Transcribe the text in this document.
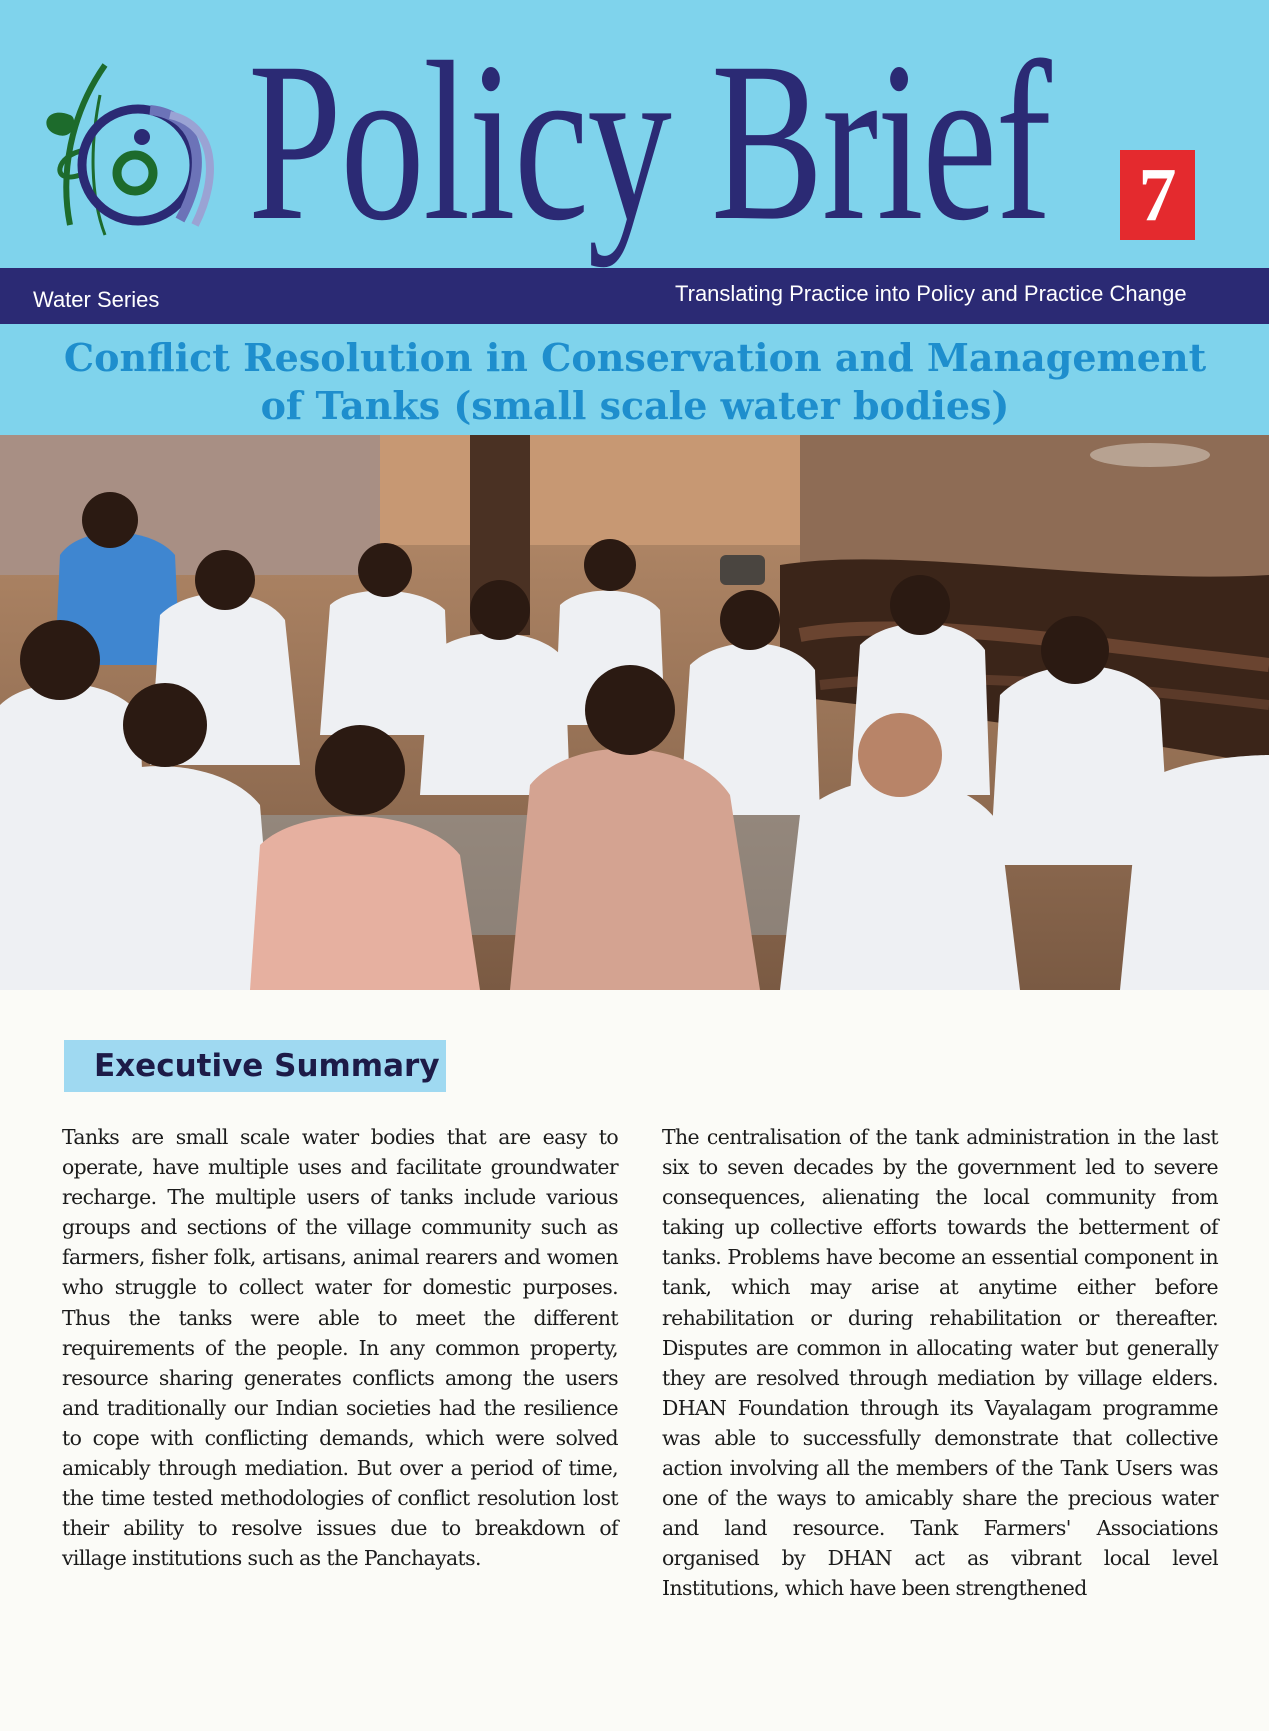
Policy Brief 7
Water Series	Translating Practice into Policy and Practice Change
Conflict Resolution in Conservation and Management of Tanks (small scale water bodies)
Executive Summary
Tanks are small scale water bodies that are easy to operate, have multiple uses and facilitate groundwater recharge. The multiple users of tanks include various groups and sections of the village community such as farmers, fisher folk, artisans, animal rearers and women who struggle to collect water for domestic purposes. Thus the tanks were able to meet the different requirements of the people. In any common property, resource sharing generates conflicts among the users and traditionally our Indian societies had the resilience to cope with conflicting demands, which were solved amicably through mediation. But over a period of time, the time tested methodologies of conflict resolution lost their ability to resolve issues due to breakdown of village institutions such as the Panchayats.
The centralisation of the tank administration in the last six to seven decades by the government led to severe consequences, alienating the local community from taking up collective efforts towards the betterment of tanks. Problems have become an essential component in tank, which may arise at anytime either before rehabilitation or during rehabilitation or thereafter. Disputes are common in allocating water but generally they are resolved through mediation by village elders. DHAN Foundation through its Vayalagam programme was able to successfully demonstrate that collective action involving all the members of the Tank Users was one of the ways to amicably share the precious water and land resource. Tank Farmers' Associations organised by DHAN act as vibrant local level Institutions, which have been strengthened
